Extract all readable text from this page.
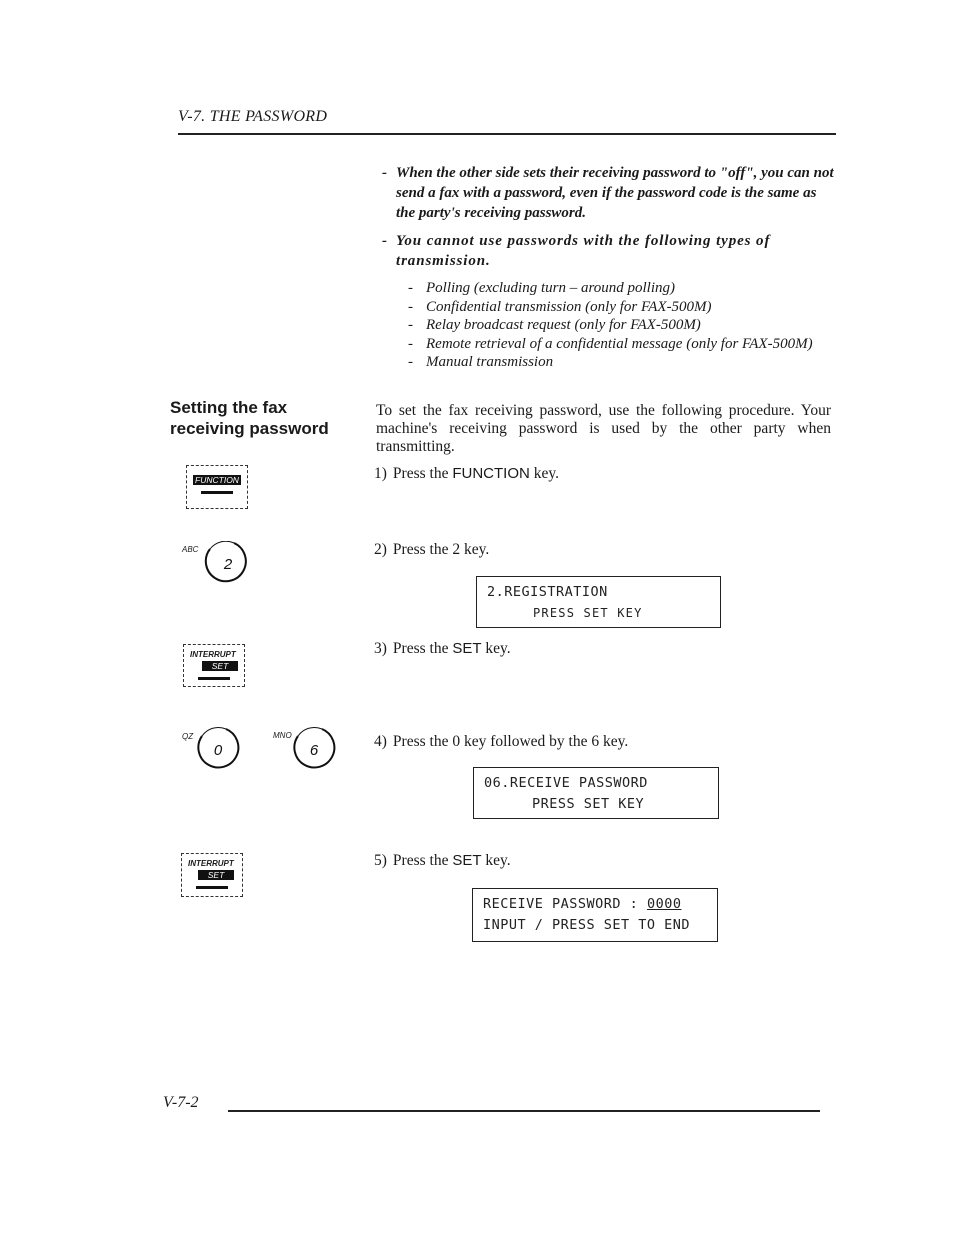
V-7. THE PASSWORD
- When the other side sets their receiving password to "off", you can not send a fax with a password, even if the password code is the same as the party's receiving password.
- You cannot use passwords with the following types of transmission.
- Polling (excluding turn – around polling)
- Confidential transmission (only for FAX-500M)
- Relay broadcast request (only for FAX-500M)
- Remote retrieval of a confidential message (only for FAX-500M)
- Manual transmission
Setting the fax receiving password
To set the fax receiving password, use the following procedure. Your machine's receiving password is used by the other party when transmitting.
1) Press the FUNCTION key.
2) Press the 2 key.
3) Press the SET key.
4) Press the 0 key followed by the 6 key.
5) Press the SET key.
2.REGISTRATION
PRESS SET KEY
06.RECEIVE PASSWORD
PRESS SET KEY
RECEIVE PASSWORD : 0000
INPUT / PRESS SET TO END
FUNCTION
ABC
2
INTERRUPT
SET
QZ
0
MNO
6
INTERRUPT
SET
V-7-2
